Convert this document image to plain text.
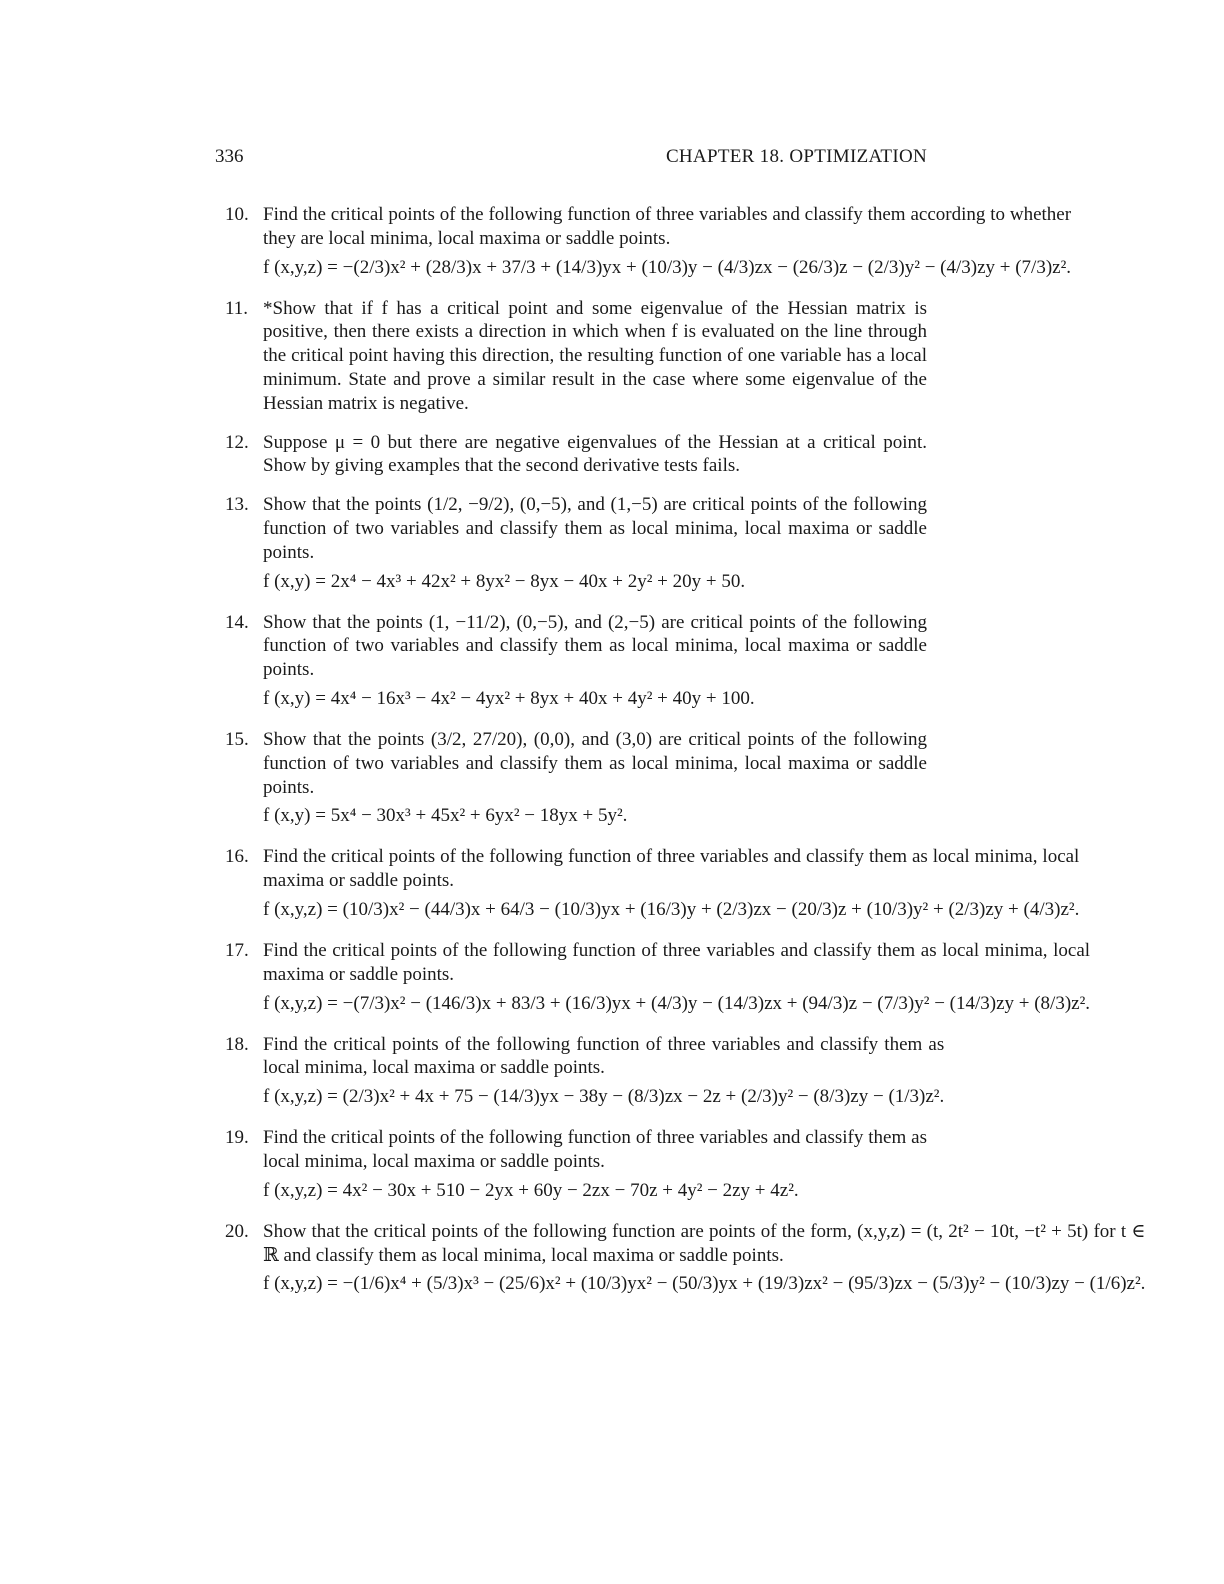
336	CHAPTER 18. OPTIMIZATION
10. Find the critical points of the following function of three variables and classify them according to whether they are local minima, local maxima or saddle points.
f (x,y,z) = −(2/3)x² + (28/3)x + 37/3 + (14/3)yx + (10/3)y − (4/3)zx − (26/3)z − (2/3)y² − (4/3)zy + (7/3)z².
11. *Show that if f has a critical point and some eigenvalue of the Hessian matrix is positive, then there exists a direction in which when f is evaluated on the line through the critical point having this direction, the resulting function of one variable has a local minimum. State and prove a similar result in the case where some eigenvalue of the Hessian matrix is negative.
12. Suppose μ = 0 but there are negative eigenvalues of the Hessian at a critical point. Show by giving examples that the second derivative tests fails.
13. Show that the points (1/2, −9/2), (0,−5), and (1,−5) are critical points of the following function of two variables and classify them as local minima, local maxima or saddle points.
f (x,y) = 2x⁴ − 4x³ + 42x² + 8yx² − 8yx − 40x + 2y² + 20y + 50.
14. Show that the points (1, −11/2), (0,−5), and (2,−5) are critical points of the following function of two variables and classify them as local minima, local maxima or saddle points.
f (x,y) = 4x⁴ − 16x³ − 4x² − 4yx² + 8yx + 40x + 4y² + 40y + 100.
15. Show that the points (3/2, 27/20), (0,0), and (3,0) are critical points of the following function of two variables and classify them as local minima, local maxima or saddle points.
f (x,y) = 5x⁴ − 30x³ + 45x² + 6yx² − 18yx + 5y².
16. Find the critical points of the following function of three variables and classify them as local minima, local maxima or saddle points.
f (x,y,z) = (10/3)x² − (44/3)x + 64/3 − (10/3)yx + (16/3)y + (2/3)zx − (20/3)z + (10/3)y² + (2/3)zy + (4/3)z².
17. Find the critical points of the following function of three variables and classify them as local minima, local maxima or saddle points.
f (x,y,z) = −(7/3)x² − (146/3)x + 83/3 + (16/3)yx + (4/3)y − (14/3)zx + (94/3)z − (7/3)y² − (14/3)zy + (8/3)z².
18. Find the critical points of the following function of three variables and classify them as local minima, local maxima or saddle points.
f (x,y,z) = (2/3)x² + 4x + 75 − (14/3)yx − 38y − (8/3)zx − 2z + (2/3)y² − (8/3)zy − (1/3)z².
19. Find the critical points of the following function of three variables and classify them as local minima, local maxima or saddle points.
f (x,y,z) = 4x² − 30x + 510 − 2yx + 60y − 2zx − 70z + 4y² − 2zy + 4z².
20. Show that the critical points of the following function are points of the form, (x,y,z) = (t, 2t² − 10t, −t² + 5t) for t ∈ ℝ and classify them as local minima, local maxima or saddle points.
f (x,y,z) = −(1/6)x⁴ + (5/3)x³ − (25/6)x² + (10/3)yx² − (50/3)yx + (19/3)zx² − (95/3)zx − (5/3)y² − (10/3)zy − (1/6)z².
